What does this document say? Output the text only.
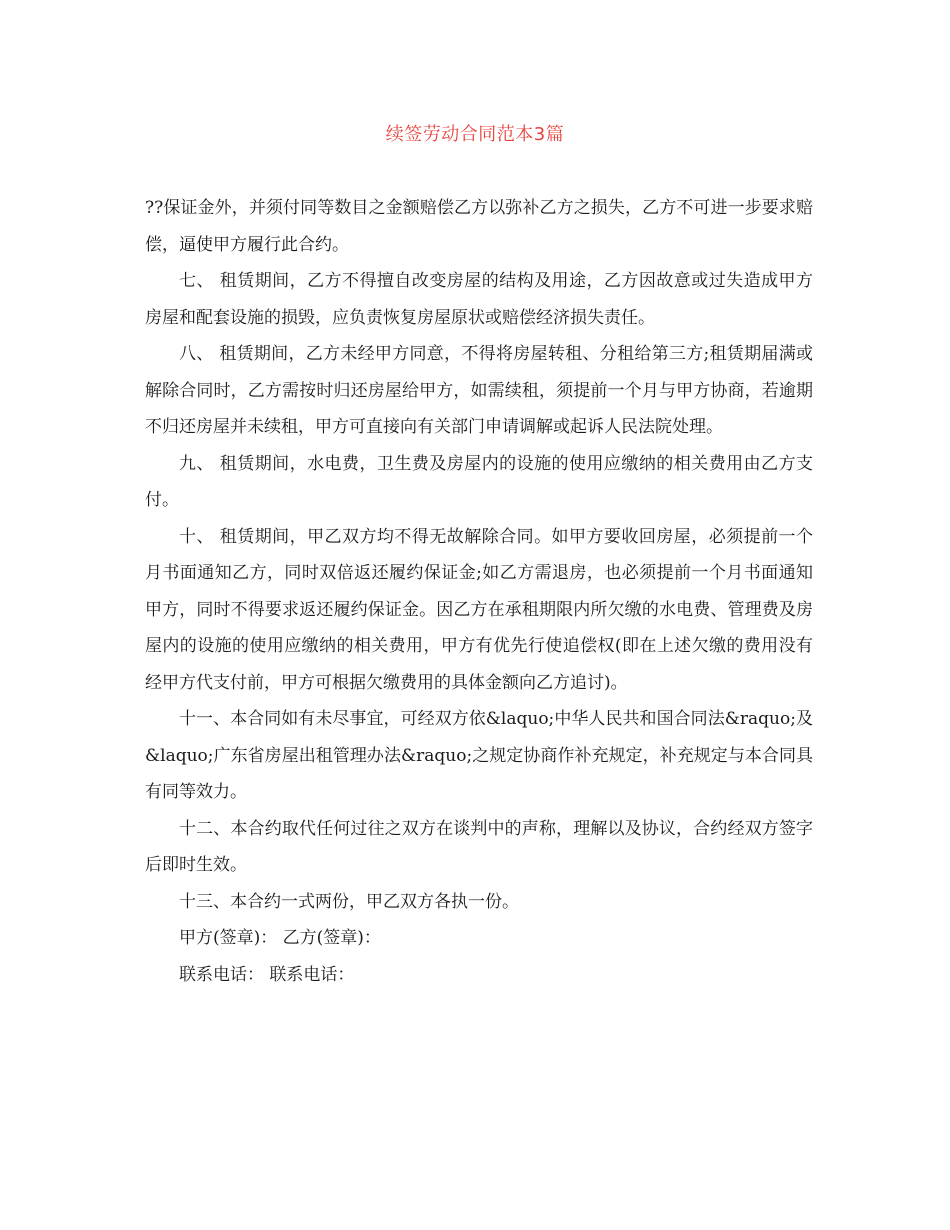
续签劳动合同范本3篇

??保证金外，并须付同等数目之金额赔偿乙方以弥补乙方之损失，乙方不可进一步要求赔偿，逼使甲方履行此合约。

七、 租赁期间，乙方不得擅自改变房屋的结构及用途，乙方因故意或过失造成甲方房屋和配套设施的损毁，应负责恢复房屋原状或赔偿经济损失责任。

八、 租赁期间，乙方未经甲方同意，不得将房屋转租、分租给第三方;租赁期届满或解除合同时，乙方需按时归还房屋给甲方，如需续租，须提前一个月与甲方协商，若逾期不归还房屋并未续租，甲方可直接向有关部门申请调解或起诉人民法院处理。

九、 租赁期间，水电费，卫生费及房屋内的设施的使用应缴纳的相关费用由乙方支付。

十、 租赁期间，甲乙双方均不得无故解除合同。如甲方要收回房屋，必须提前一个月书面通知乙方，同时双倍返还履约保证金;如乙方需退房，也必须提前一个月书面通知甲方，同时不得要求返还履约保证金。因乙方在承租期限内所欠缴的水电费、管理费及房屋内的设施的使用应缴纳的相关费用，甲方有优先行使追偿权(即在上述欠缴的费用没有经甲方代支付前，甲方可根据欠缴费用的具体金额向乙方追讨)。

十一、本合同如有未尽事宜，可经双方依&laquo;中华人民共和国合同法&raquo;及&laquo;广东省房屋出租管理办法&raquo;之规定协商作补充规定，补充规定与本合同具有同等效力。

十二、本合约取代任何过往之双方在谈判中的声称，理解以及协议，合约经双方签字后即时生效。

十三、本合约一式两份，甲乙双方各执一份。

甲方(签章)： 乙方(签章)：

联系电话： 联系电话：
